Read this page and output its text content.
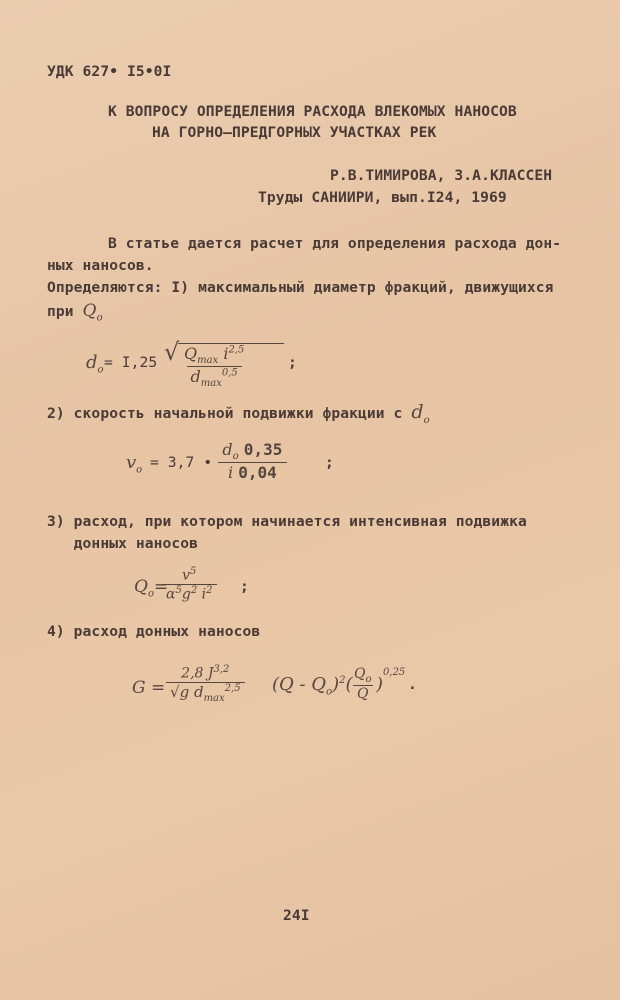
УДК 627• I5•0I
К ВОПРОСУ ОПРЕДЕЛЕНИЯ РАСХОДА ВЛЕКОМЫХ НАНОСОВ
НА ГОРНО–ПРЕДГОРНЫХ УЧАСТКАХ РЕК
Р.В.ТИМИРОВА, З.А.КЛАССЕН
Труды САНИИРИ, вып.I24, 1969
В статье дается расчет для определения расхода дон-
ных наносов.
Определяются: I) максимальный диаметр фракций, движущихся
при $Q_o$
$d_o = I,25$ √ $Q_{max}$ $i^{2,5}$
$d_{max}^{0,5}$
;
2) скорость начальной подвижки фракции с $d_o$
$v_o = 3,7$ • $\frac{d_o 0,35}{i 0,04}$	;
3) расход, при котором начинается интенсивная подвижка
донных наносов
$Q_o=$
$\frac{v^5}{\alpha^5g^2 i^2}$ ;
4) расход донных наносов
G =
2,8 J$^{3,2}$
√g $d_{max}^{2,5}$ $(Q - Q_o)^2$(
$\frac{Q_o}{Q} )^{0,25}$
.
24I
